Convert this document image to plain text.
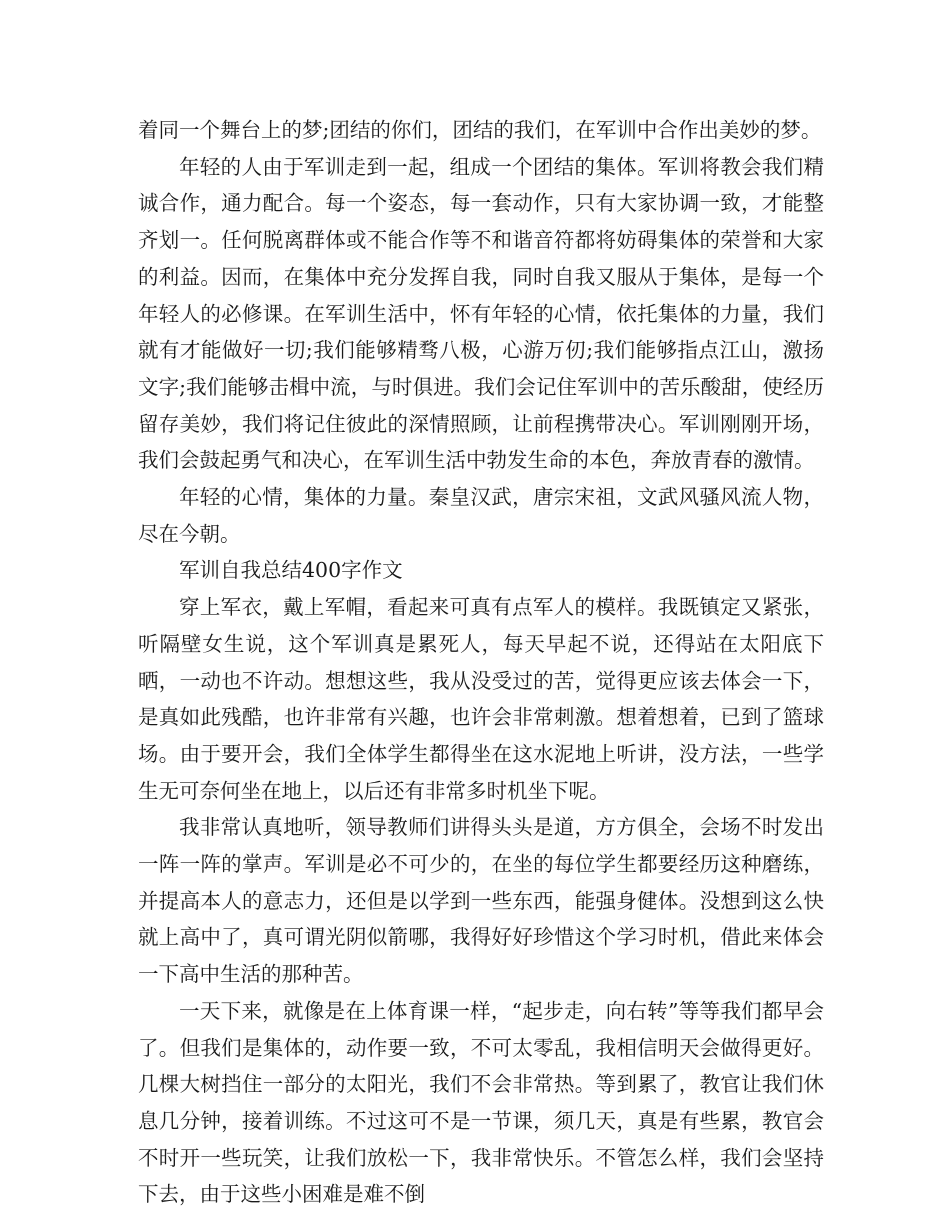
着同一个舞台上的梦;团结的你们，团结的我们，在军训中合作出美妙的梦。

年轻的人由于军训走到一起，组成一个团结的集体。军训将教会我们精诚合作，通力配合。每一个姿态，每一套动作，只有大家协调一致，才能整齐划一。任何脱离群体或不能合作等不和谐音符都将妨碍集体的荣誉和大家的利益。因而，在集体中充分发挥自我，同时自我又服从于集体，是每一个年轻人的必修课。在军训生活中，怀有年轻的心情，依托集体的力量，我们就有才能做好一切;我们能够精骛八极，心游万仞;我们能够指点江山，激扬文字;我们能够击楫中流，与时俱进。我们会记住军训中的苦乐酸甜，使经历留存美妙，我们将记住彼此的深情照顾，让前程携带决心。军训刚刚开场，我们会鼓起勇气和决心，在军训生活中勃发生命的本色，奔放青春的激情。

年轻的心情，集体的力量。秦皇汉武，唐宗宋祖，文武风骚风流人物，尽在今朝。

军训自我总结400字作文

穿上军衣，戴上军帽，看起来可真有点军人的模样。我既镇定又紧张，听隔壁女生说，这个军训真是累死人，每天早起不说，还得站在太阳底下晒，一动也不许动。想想这些，我从没受过的苦，觉得更应该去体会一下，是真如此残酷，也许非常有兴趣，也许会非常刺激。想着想着，已到了篮球场。由于要开会，我们全体学生都得坐在这水泥地上听讲，没方法，一些学生无可奈何坐在地上，以后还有非常多时机坐下呢。

我非常认真地听，领导教师们讲得头头是道，方方俱全，会场不时发出一阵一阵的掌声。军训是必不可少的，在坐的每位学生都要经历这种磨练，并提高本人的意志力，还但是以学到一些东西，能强身健体。没想到这么快就上高中了，真可谓光阴似箭哪，我得好好珍惜这个学习时机，借此来体会一下高中生活的那种苦。

一天下来，就像是在上体育课一样，“起步走，向右转”等等我们都早会了。但我们是集体的，动作要一致，不可太零乱，我相信明天会做得更好。几棵大树挡住一部分的太阳光，我们不会非常热。等到累了，教官让我们休息几分钟，接着训练。不过这可不是一节课，须几天，真是有些累，教官会不时开一些玩笑，让我们放松一下，我非常快乐。不管怎么样，我们会坚持下去，由于这些小困难是难不倒
